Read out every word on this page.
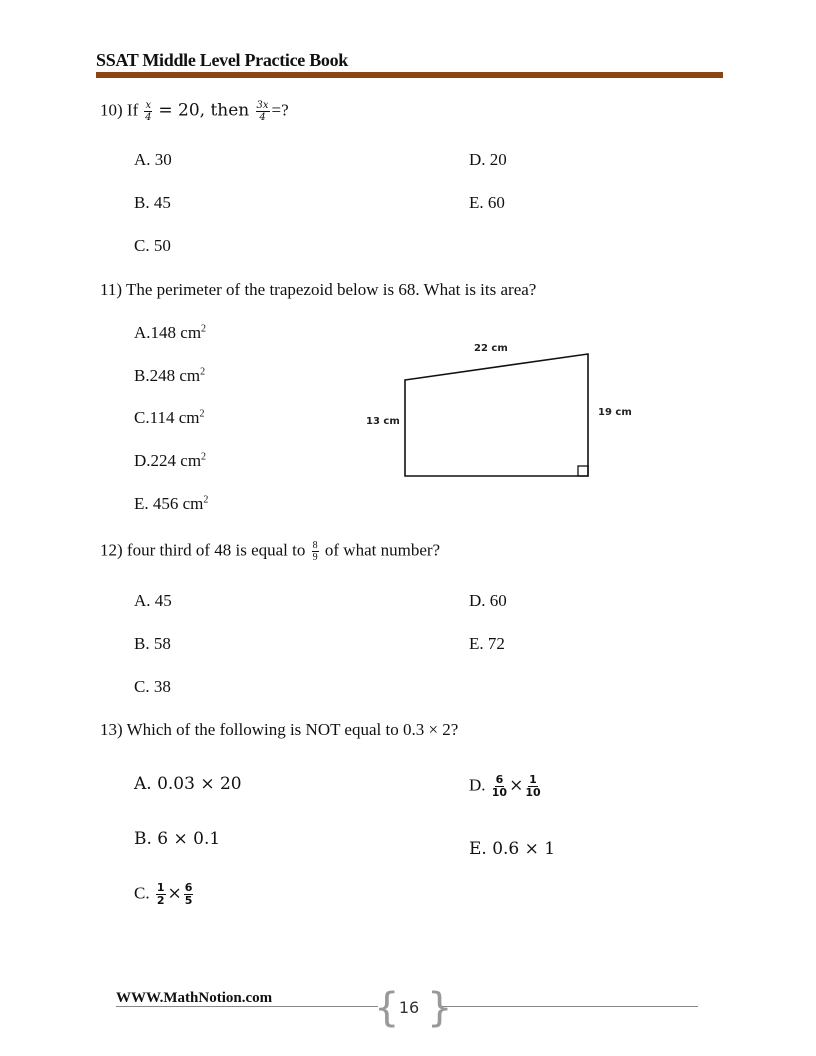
SSAT Middle Level Practice Book
10) If $\frac{x}{4} = 20$, then $\frac{3x}{4}$ =?
A. 30
B. 45
C. 50
D. 20
E. 60
11) The perimeter of the trapezoid below is 68. What is its area?
A.148 $cm^2$
B.248 $cm^2$
C.114 $cm^2$
D.224 $cm^2$
E. 456 $cm^2$
22 cm
13 cm
19 cm
12) four third of 48 is equal to $\frac{8}{9}$ of what number?
A. 45
B. 58
C. 38
D. 60
E. 72
13) Which of the following is NOT equal to 0.3 × 2?
A. 0.03 × 20
B. 6 × 0.1
C. $\frac{1}{2} \times \frac{6}{5}$
D. $\frac{6}{10} \times \frac{1}{10}$
E. 0.6 × 1
WWW.MathNotion.com	{ }
16
